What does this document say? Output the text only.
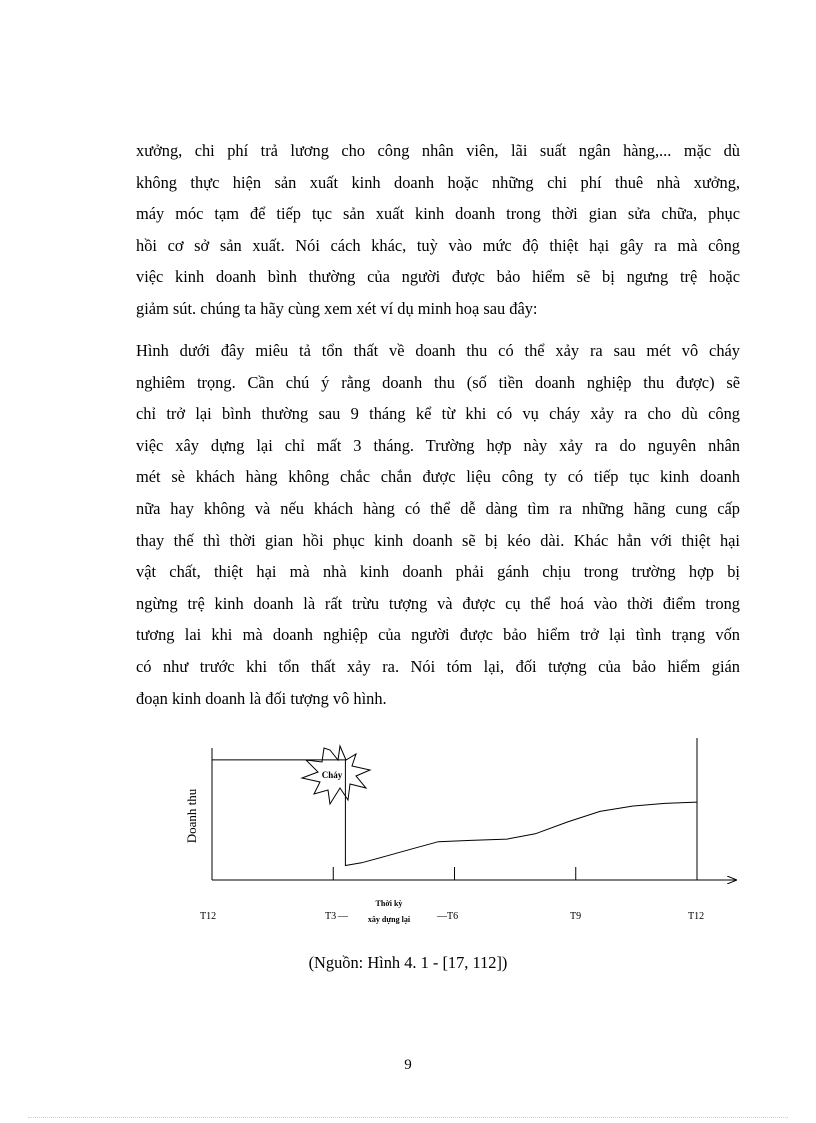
xưởng, chi phí trả lương cho công nhân viên, lãi suất ngân hàng,... mặc dù
không thực hiện sản xuất kinh doanh hoặc những chi phí thuê nhà xưởng,
máy móc tạm để tiếp tục sản xuất kinh doanh trong thời gian sửa chữa, phục
hồi cơ sở sản xuất. Nói cách khác, tuỳ vào mức độ thiệt hại gây ra mà công
việc kinh doanh bình thường của người được bảo hiểm sẽ bị ngưng trệ hoặc
giảm sút. chúng ta hãy cùng xem xét ví dụ minh hoạ sau đây:
Hình dưới đây miêu tả tổn thất về doanh thu có thể xảy ra sau mét vô cháy
nghiêm trọng. Cần chú ý rằng doanh thu (số tiền doanh nghiệp thu được) sẽ
chỉ trở lại bình thường sau 9 tháng kể từ khi có vụ cháy xảy ra cho dù công
việc xây dựng lại chỉ mất 3 tháng. Trường hợp này xảy ra do nguyên nhân
mét sè khách hàng không chắc chắn được liệu công ty có tiếp tục kinh doanh
nữa hay không và nếu khách hàng có thể dễ dàng tìm ra những hãng cung cấp
thay thế thì thời gian hồi phục kinh doanh sẽ bị kéo dài. Khác hẳn với thiệt hại
vật chất, thiệt hại mà nhà kinh doanh phải gánh chịu trong trường hợp bị
ngừng trệ kinh doanh là rất trừu tượng và được cụ thể hoá vào thời điểm trong
tương lai khi mà doanh nghiệp của người được bảo hiểm trở lại tình trạng vốn
có như trước khi tổn thất xảy ra. Nói tóm lại, đối tượng của bảo hiểm gián
đoạn kinh doanh là đối tượng vô hình.
Doanh thu
T12	T3 —	— T6	T9	T12
Thời kỳ
xây dựng lại
Cháy
(Nguồn: Hình 4. 1 - [17, 112])
9
